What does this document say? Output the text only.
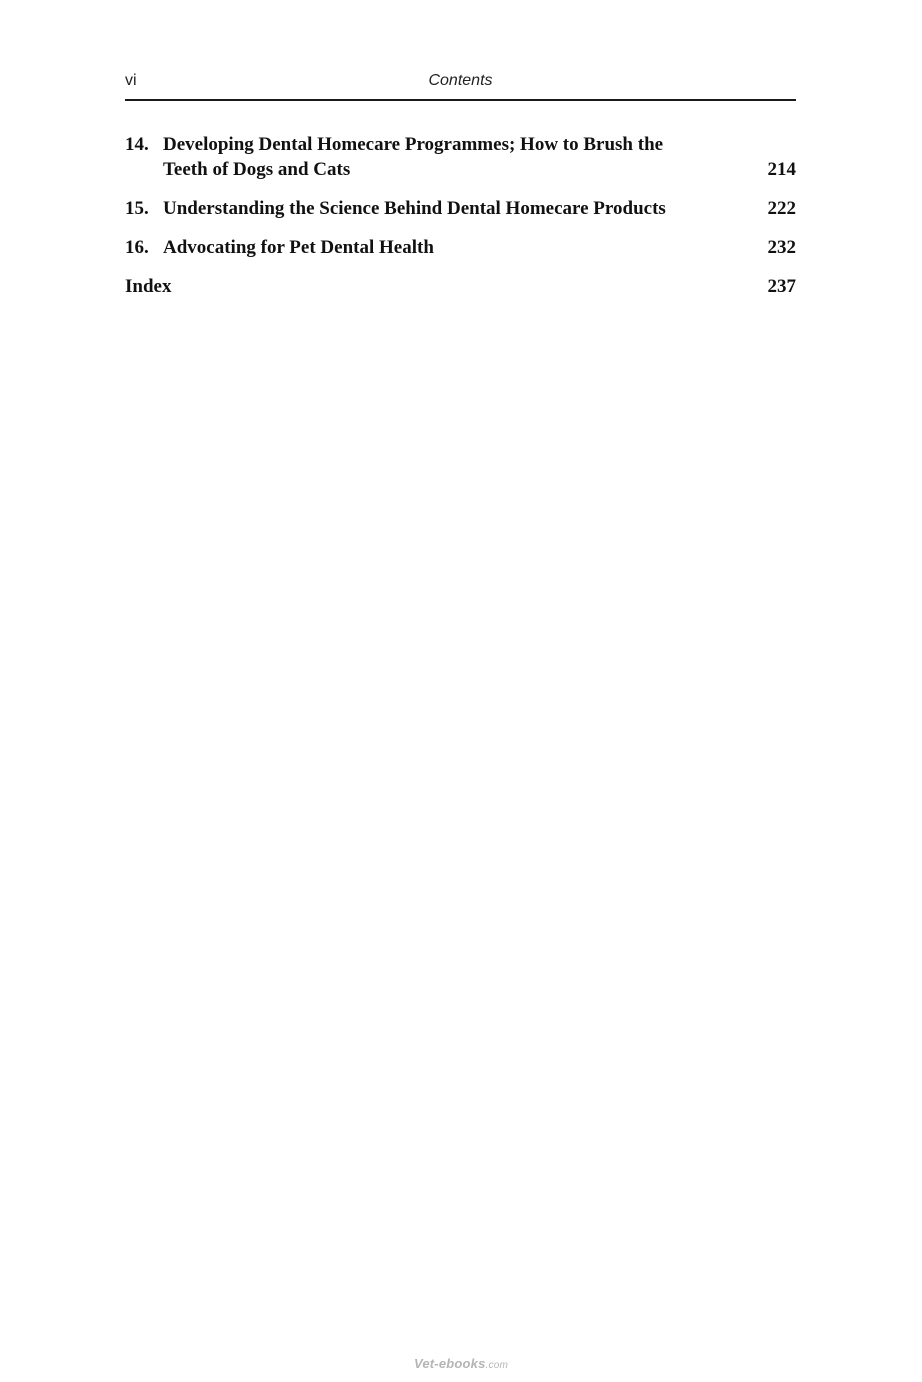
vi	Contents
14. Developing Dental Homecare Programmes; How to Brush the Teeth of Dogs and Cats	214
15. Understanding the Science Behind Dental Homecare Products	222
16. Advocating for Pet Dental Health	232
Index	237
Vet-ebooks.com
